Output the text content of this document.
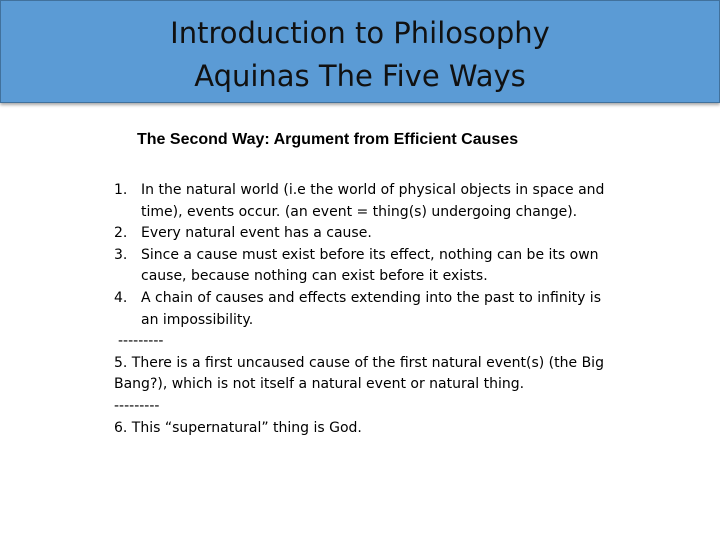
Introduction to Philosophy
Aquinas The Five Ways
The Second Way: Argument from Efficient Causes
1. In the natural world (i.e the world of physical objects in space and time), events occur. (an event = thing(s) undergoing change).
2. Every natural event has a cause.
3. Since a cause must exist before its effect, nothing can be its own cause, because nothing can exist before it exists.
4. A chain of causes and effects extending into the past to infinity is an impossibility.
---------

5. There is a first uncaused cause of the first natural event(s) (the Big Bang?), which is not itself a natural event or natural thing.

---------

6. This “supernatural” thing is God.
